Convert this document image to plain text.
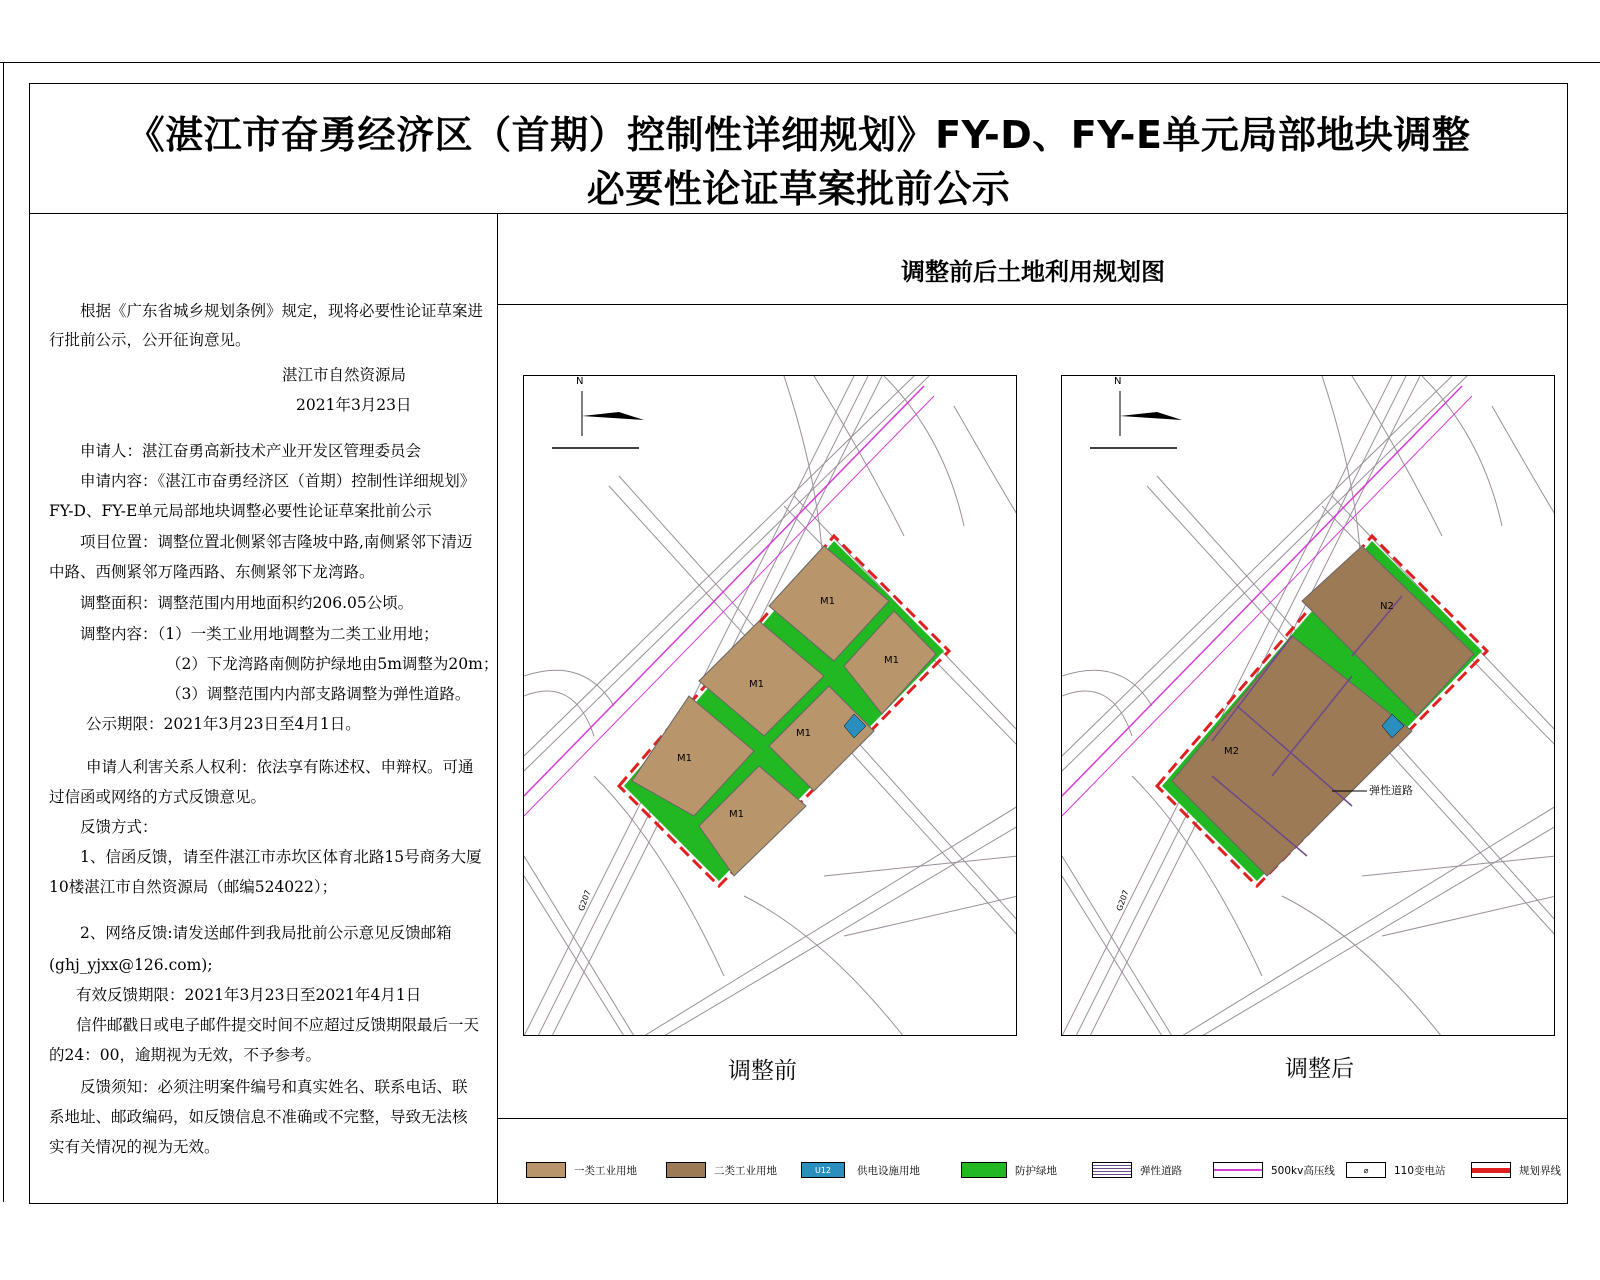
《湛江市奋勇经济区（首期）控制性详细规划》FY-D、FY-E单元局部地块调整
必要性论证草案批前公示
根据《广东省城乡规划条例》规定，现将必要性论证草案进
行批前公示，公开征询意见。
湛江市自然资源局
2021年3月23日
申请人：湛江奋勇高新技术产业开发区管理委员会
申请内容：《湛江市奋勇经济区（首期）控制性详细规划》
FY-D、FY-E单元局部地块调整必要性论证草案批前公示
项目位置：调整位置北侧紧邻吉隆坡中路,南侧紧邻下清迈
中路、西侧紧邻万隆西路、东侧紧邻下龙湾路。
调整面积：调整范围内用地面积约206.05公顷。
调整内容：（1）一类工业用地调整为二类工业用地；
（2）下龙湾路南侧防护绿地由5m调整为20m；
（3）调整范围内内部支路调整为弹性道路。
公示期限：2021年3月23日至4月1日。
申请人利害关系人权利：依法享有陈述权、申辩权。可通
过信函或网络的方式反馈意见。
反馈方式：
1、信函反馈，请至件湛江市赤坎区体育北路15号商务大厦
10楼湛江市自然资源局（邮编524022）；
2、网络反馈:请发送邮件到我局批前公示意见反馈邮箱
(ghj_yjxx@126.com);
有效反馈期限：2021年3月23日至2021年4月1日
信件邮戳日或电子邮件提交时间不应超过反馈期限最后一天
的24：00，逾期视为无效，不予参考。
反馈须知：必须注明案件编号和真实姓名、联系电话、联
系地址、邮政编码，如反馈信息不准确或不完整，导致无法核
实有关情况的视为无效。
调整前后土地利用规划图
N
M1
M1
M1
M1
M1
M1
G207
N
N2
M2
弹性道路
G207
调整前	调整后
一类工业用地	二类工业用地	U12	供电设施用地	防护绿地	弹性道路	500kv高压线	⌀	110变电站	规划界线
